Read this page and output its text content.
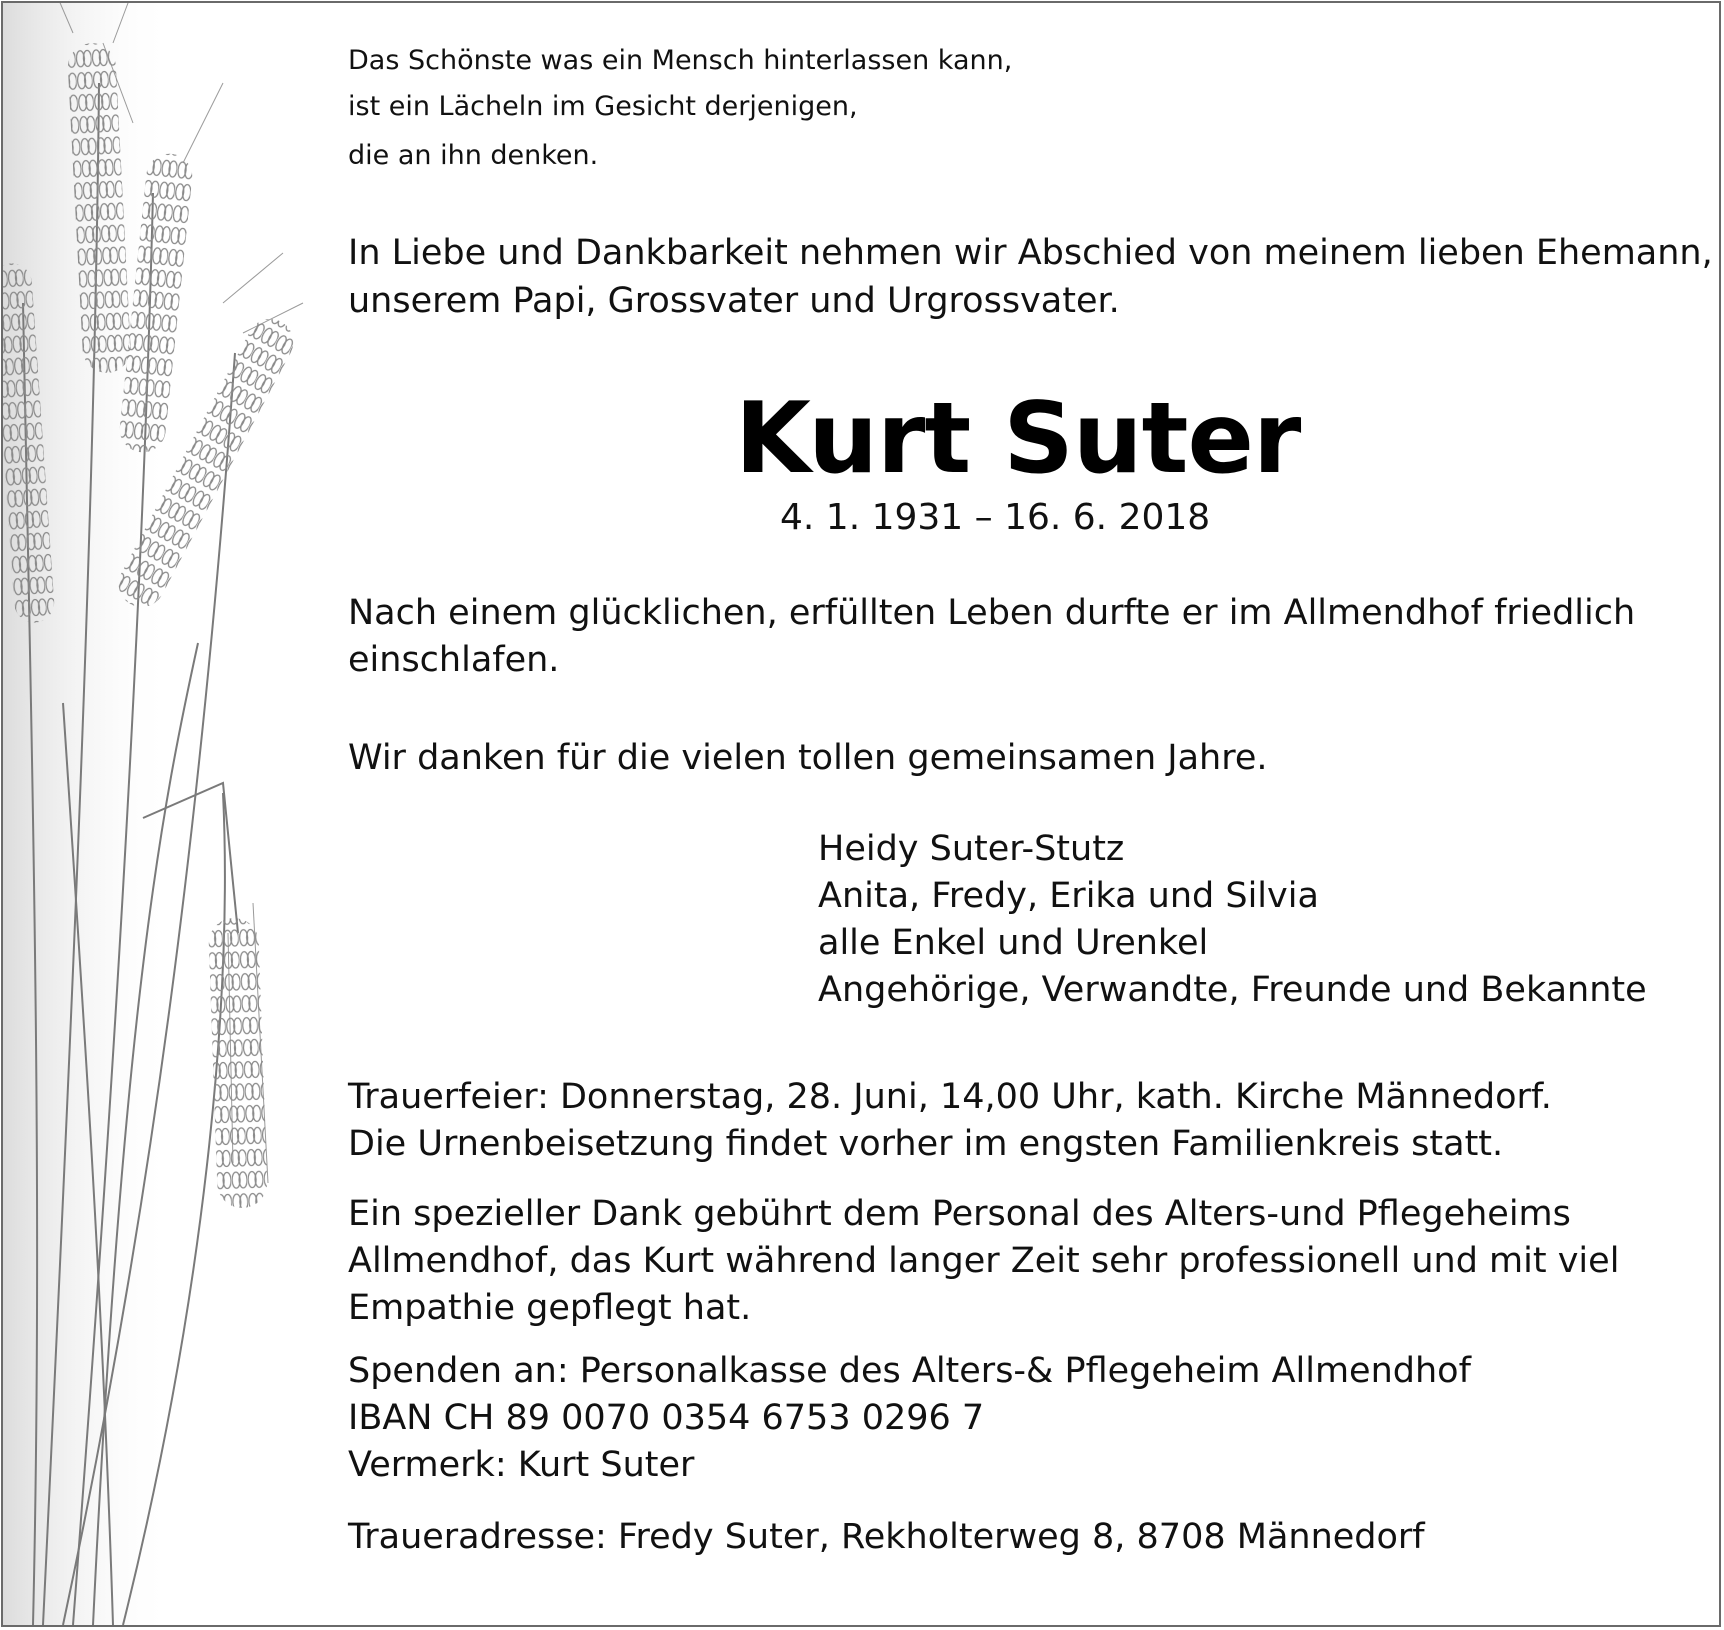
Das Schönste was ein Mensch hinterlassen kann,
ist ein Lächeln im Gesicht derjenigen,
die an ihn denken.
In Liebe und Dankbarkeit nehmen wir Abschied von meinem lieben Ehemann,
unserem Papi, Grossvater und Urgrossvater.
Kurt Suter
4. 1. 1931 – 16. 6. 2018
Nach einem glücklichen, erfüllten Leben durfte er im Allmendhof friedlich
einschlafen.
Wir danken für die vielen tollen gemeinsamen Jahre.
Heidy Suter-Stutz
Anita, Fredy, Erika und Silvia
alle Enkel und Urenkel
Angehörige, Verwandte, Freunde und Bekannte
Trauerfeier: Donnerstag, 28. Juni, 14,00 Uhr, kath. Kirche Männedorf.
Die Urnenbeisetzung findet vorher im engsten Familienkreis statt.
Ein spezieller Dank gebührt dem Personal des Alters-und Pflegeheims
Allmendhof, das Kurt während langer Zeit sehr professionell und mit viel
Empathie gepflegt hat.
Spenden an: Personalkasse des Alters-& Pflegeheim Allmendhof
IBAN CH 89 0070 0354 6753 0296 7
Vermerk: Kurt Suter
Traueradresse: Fredy Suter, Rekholterweg 8, 8708 Männedorf
